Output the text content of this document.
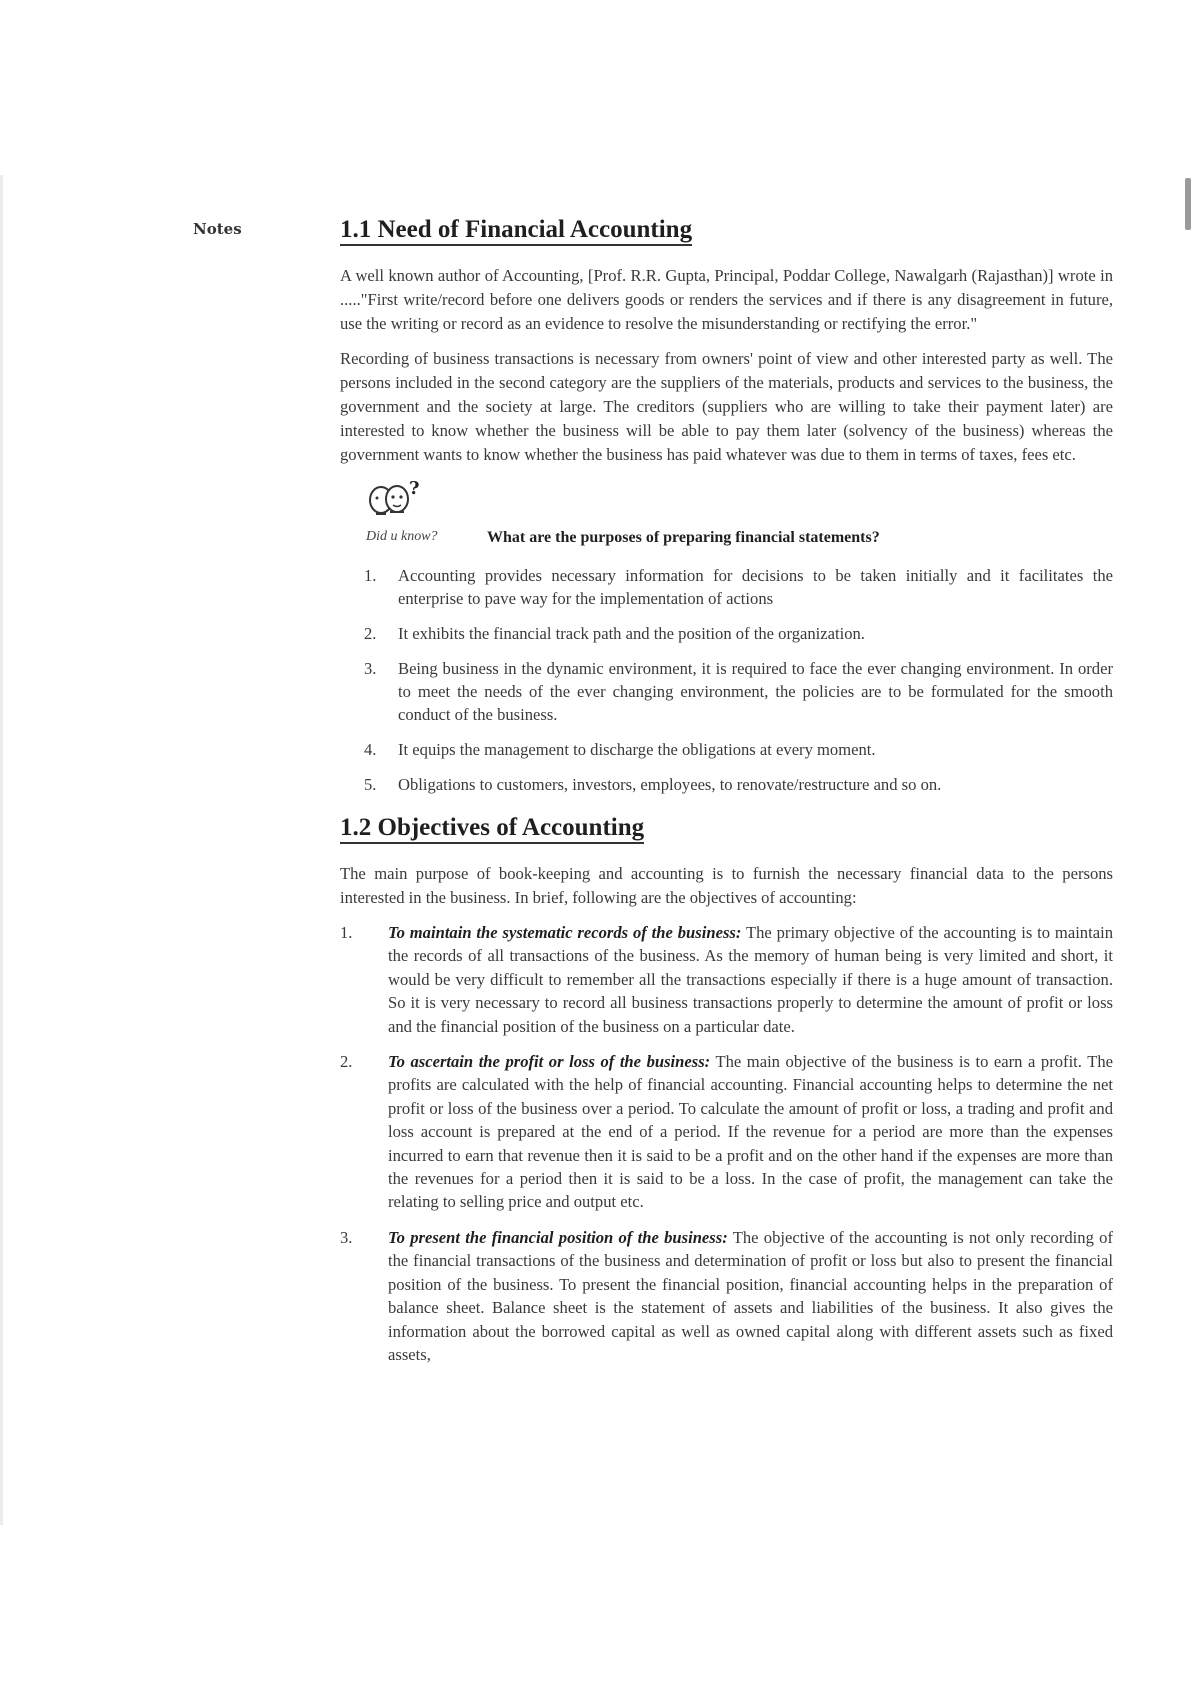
Notes	1.1 Need of Financial Accounting

A well known author of Accounting, [Prof. R.R. Gupta, Principal, Poddar College, Nawalgarh (Rajasthan)] wrote in ....."First write/record before one delivers goods or renders the services and if there is any disagreement in future, use the writing or record as an evidence to resolve the misunderstanding or rectifying the error."

Recording of business transactions is necessary from owners' point of view and other interested party as well. The persons included in the second category are the suppliers of the materials, products and services to the business, the government and the society at large. The creditors (suppliers who are willing to take their payment later) are interested to know whether the business will be able to pay them later (solvency of the business) whereas the government wants to know whether the business has paid whatever was due to them in terms of taxes, fees etc.

?
Did u know?	What are the purposes of preparing financial statements?
1. Accounting provides necessary information for decisions to be taken initially and it facilitates the enterprise to pave way for the implementation of actions
2. It exhibits the financial track path and the position of the organization.
3. Being business in the dynamic environment, it is required to face the ever changing environment. In order to meet the needs of the ever changing environment, the policies are to be formulated for the smooth conduct of the business.
4. It equips the management to discharge the obligations at every moment.
5. Obligations to customers, investors, employees, to renovate/restructure and so on.
1.2 Objectives of Accounting

The main purpose of book-keeping and accounting is to furnish the necessary financial data to the persons interested in the business. In brief, following are the objectives of accounting:

1. To maintain the systematic records of the business: The primary objective of the accounting is to maintain the records of all transactions of the business. As the memory of human being is very limited and short, it would be very difficult to remember all the transactions especially if there is a huge amount of transaction. So it is very necessary to record all business transactions properly to determine the amount of profit or loss and the financial position of the business on a particular date.
2. To ascertain the profit or loss of the business: The main objective of the business is to earn a profit. The profits are calculated with the help of financial accounting. Financial accounting helps to determine the net profit or loss of the business over a period. To calculate the amount of profit or loss, a trading and profit and loss account is prepared at the end of a period. If the revenue for a period are more than the expenses incurred to earn that revenue then it is said to be a profit and on the other hand if the expenses are more than the revenues for a period then it is said to be a loss. In the case of profit, the management can take the relating to selling price and output etc.
3. To present the financial position of the business: The objective of the accounting is not only recording of the financial transactions of the business and determination of profit or loss but also to present the financial position of the business. To present the financial position, financial accounting helps in the preparation of balance sheet. Balance sheet is the statement of assets and liabilities of the business. It also gives the information about the borrowed capital as well as owned capital along with different assets such as fixed assets,
